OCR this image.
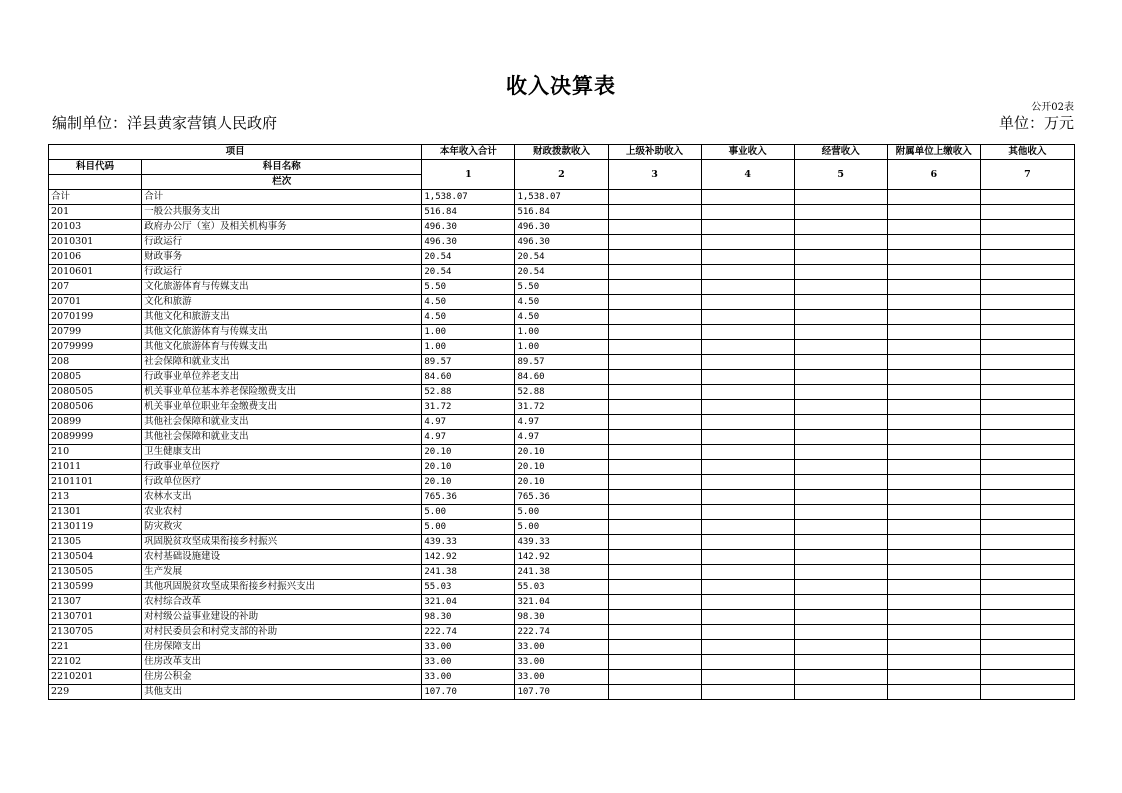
收入决算表
公开02表
编制单位：洋县黄家营镇人民政府	单位：万元
项目		本年收入合计	财政拨款收入	上级补助收入	事业收入	经营收入	附属单位上缴收入	其他收入
科目代码	科目名称	1	2	3	4	5	6	7
	栏次							
合计	合计	1,538.07	1,538.07					
201	一般公共服务支出	516.84	516.84					
20103	政府办公厅（室）及相关机构事务	496.30	496.30					
2010301	行政运行	496.30	496.30					
20106	财政事务	20.54	20.54					
2010601	行政运行	20.54	20.54					
207	文化旅游体育与传媒支出	5.50	5.50					
20701	文化和旅游	4.50	4.50					
2070199	其他文化和旅游支出	4.50	4.50					
20799	其他文化旅游体育与传媒支出	1.00	1.00					
2079999	其他文化旅游体育与传媒支出	1.00	1.00					
208	社会保障和就业支出	89.57	89.57					
20805	行政事业单位养老支出	84.60	84.60					
2080505	机关事业单位基本养老保险缴费支出	52.88	52.88					
2080506	机关事业单位职业年金缴费支出	31.72	31.72					
20899	其他社会保障和就业支出	4.97	4.97					
2089999	其他社会保障和就业支出	4.97	4.97					
210	卫生健康支出	20.10	20.10					
21011	行政事业单位医疗	20.10	20.10					
2101101	行政单位医疗	20.10	20.10					
213	农林水支出	765.36	765.36					
21301	农业农村	5.00	5.00					
2130119	防灾救灾	5.00	5.00					
21305	巩固脱贫攻坚成果衔接乡村振兴	439.33	439.33					
2130504	农村基础设施建设	142.92	142.92					
2130505	生产发展	241.38	241.38					
2130599	其他巩固脱贫攻坚成果衔接乡村振兴支出	55.03	55.03					
21307	农村综合改革	321.04	321.04					
2130701	对村级公益事业建设的补助	98.30	98.30					
2130705	对村民委员会和村党支部的补助	222.74	222.74					
221	住房保障支出	33.00	33.00					
22102	住房改革支出	33.00	33.00					
2210201	住房公积金	33.00	33.00					
229	其他支出	107.70	107.70					
